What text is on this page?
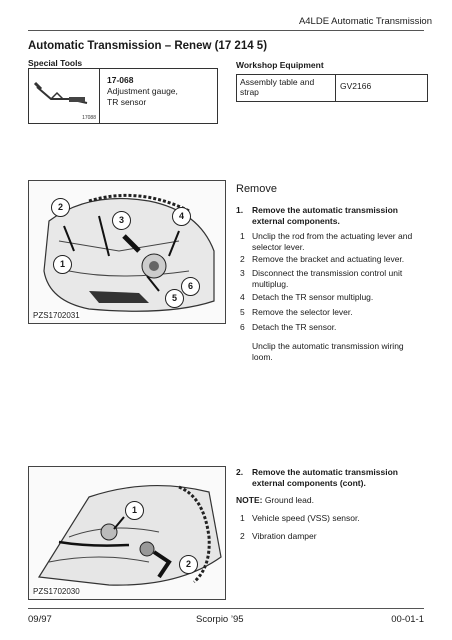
A4LDE Automatic Transmission
Automatic Transmission – Renew (17 214 5)
Special Tools
17088
17-068
Adjustment gauge,
TR sensor
Workshop Equipment
Assembly table and
strap
GV2166
2
3	4
1
6
5
PZS1702031
Remove
1. Remove the automatic transmission
external components.
1 Unclip the rod from the actuating lever and
selector lever.
2 Remove the bracket and actuating lever.
3 Disconnect the transmission control unit
multiplug.
4 Detach the TR sensor multiplug.
5 Remove the selector lever.
6 Detach the TR sensor.
Unclip the automatic transmission wiring
loom.
1
2
PZS1702030
2. Remove the automatic transmission
external components (cont).
NOTE: Ground lead.
1 Vehicle speed (VSS) sensor.
2 Vibration damper
09/97	Scorpio ’95	00-01-1
